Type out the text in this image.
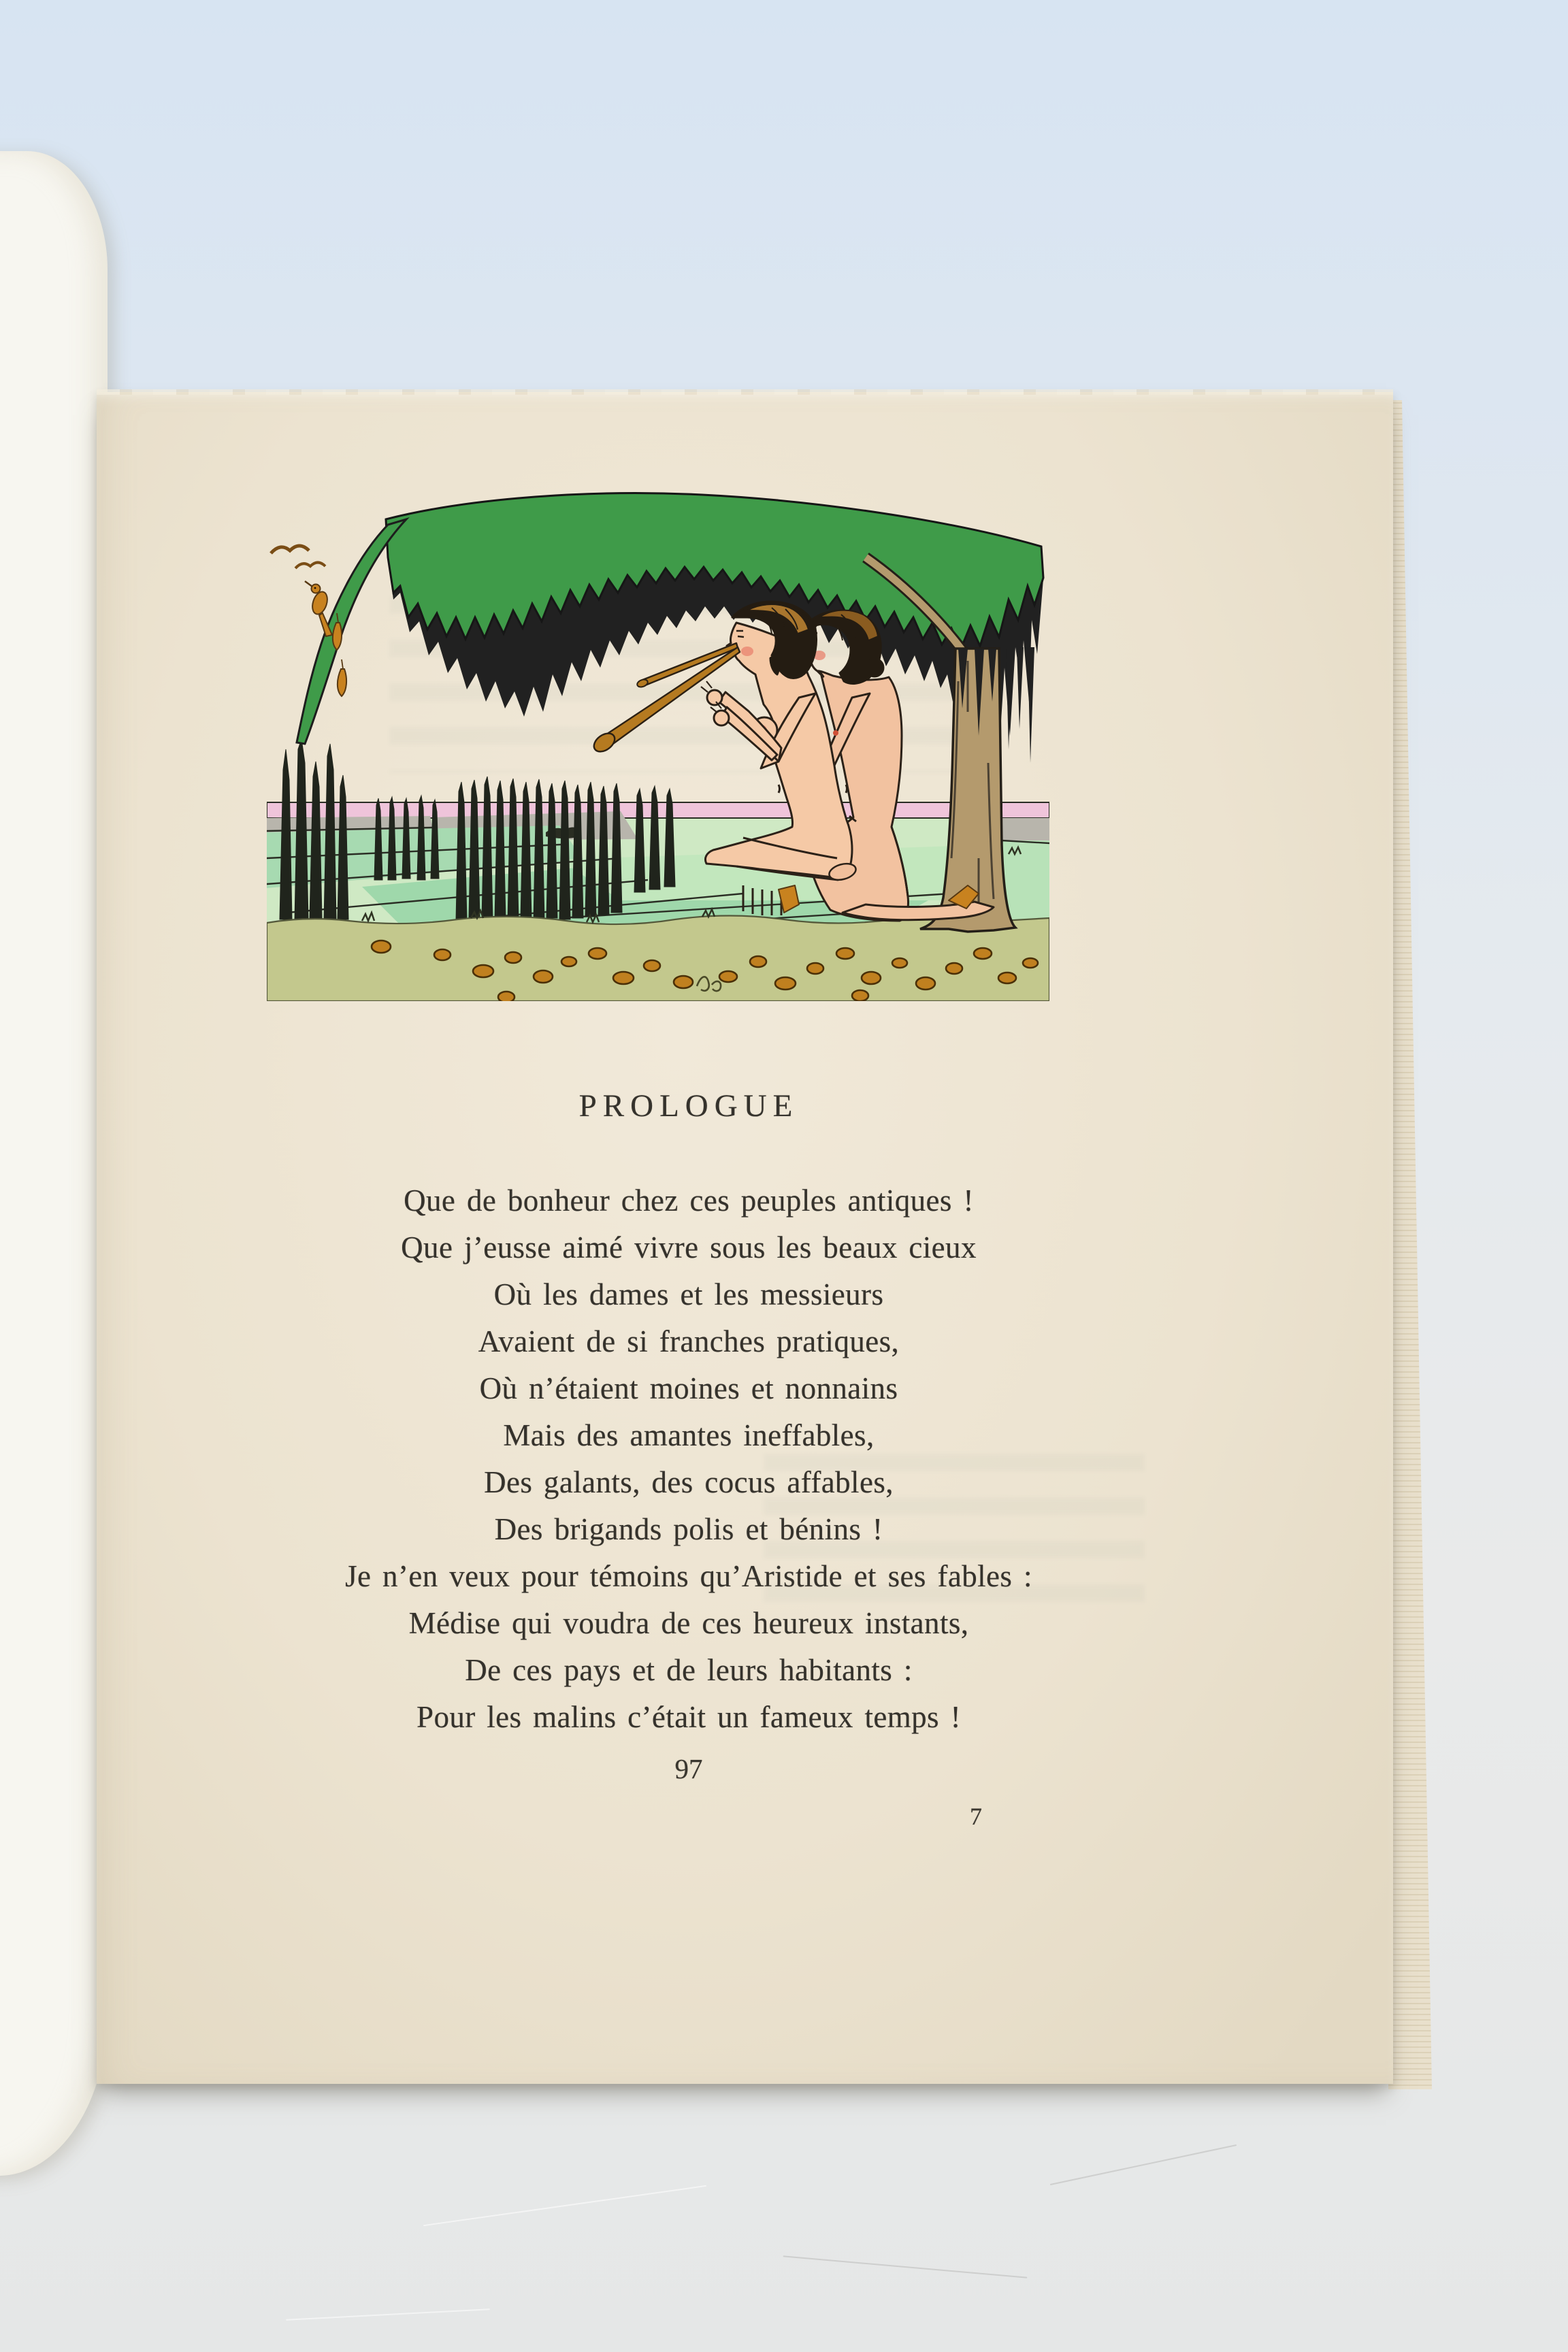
PROLOGUE
Que de bonheur chez ces peuples antiques !
Que j’eusse aimé vivre sous les beaux cieux
Où les dames et les messieurs
Avaient de si franches pratiques,
Où n’étaient moines et nonnains
Mais des amantes ineffables,
Des galants, des cocus affables,
Des brigands polis et bénins !
Je n’en veux pour témoins qu’Aristide et ses fables :
Médise qui voudra de ces heureux instants,
De ces pays et de leurs habitants :
Pour les malins c’était un fameux temps !
97
7
